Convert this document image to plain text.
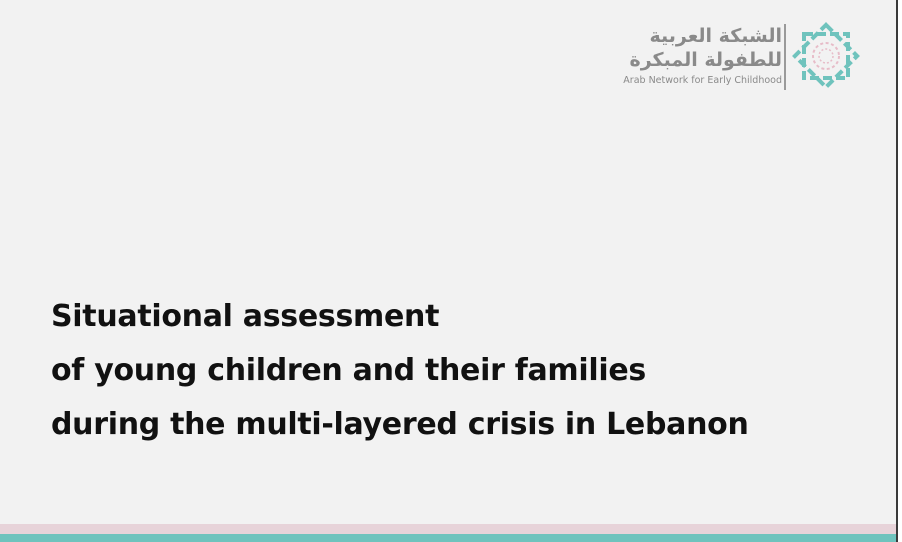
الشبكة العربية
للطفولة المبكرة
Arab Network for Early Childhood
Situational assessment
of young children and their families
during the multi-layered crisis in Lebanon
